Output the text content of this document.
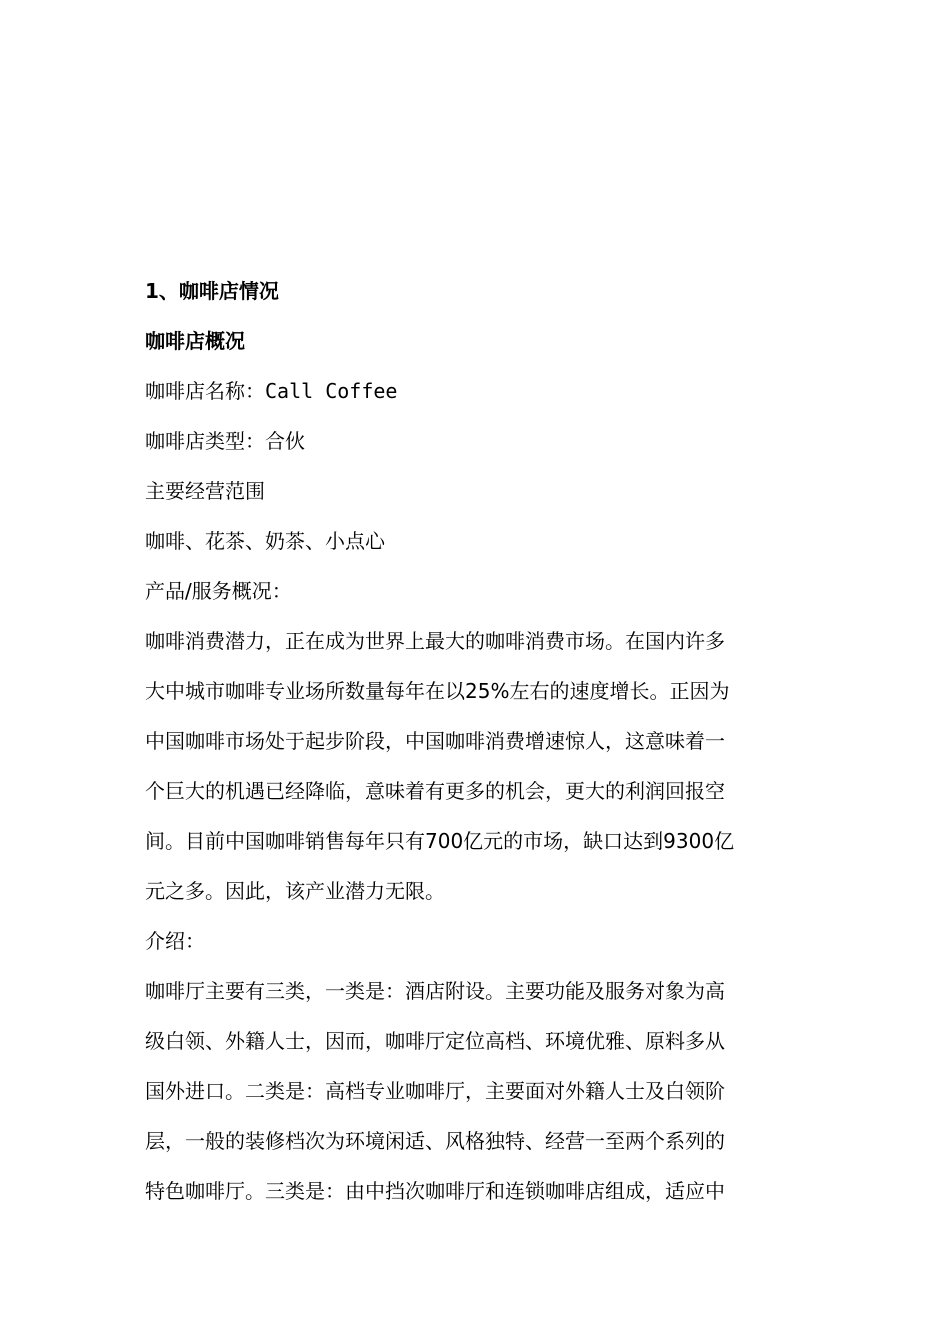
1、咖啡店情况

咖啡店概况

咖啡店名称：Call Coffee

咖啡店类型：合伙

主要经营范围

咖啡、花茶、奶茶、小点心

产品/服务概况：

咖啡消费潜力，正在成为世界上最大的咖啡消费市场。在国内许多
大中城市咖啡专业场所数量每年在以25%左右的速度增长。正因为
中国咖啡市场处于起步阶段，中国咖啡消费增速惊人，这意味着一
个巨大的机遇已经降临，意味着有更多的机会，更大的利润回报空
间。目前中国咖啡销售每年只有700亿元的市场，缺口达到9300亿
元之多。因此，该产业潜力无限。

介绍：

咖啡厅主要有三类，一类是：酒店附设。主要功能及服务对象为高
级白领、外籍人士，因而，咖啡厅定位高档、环境优雅、原料多从
国外进口。二类是：高档专业咖啡厅，主要面对外籍人士及白领阶
层，一般的装修档次为环境闲适、风格独特、经营一至两个系列的
特色咖啡厅。三类是：由中挡次咖啡厅和连锁咖啡店组成，适应中
